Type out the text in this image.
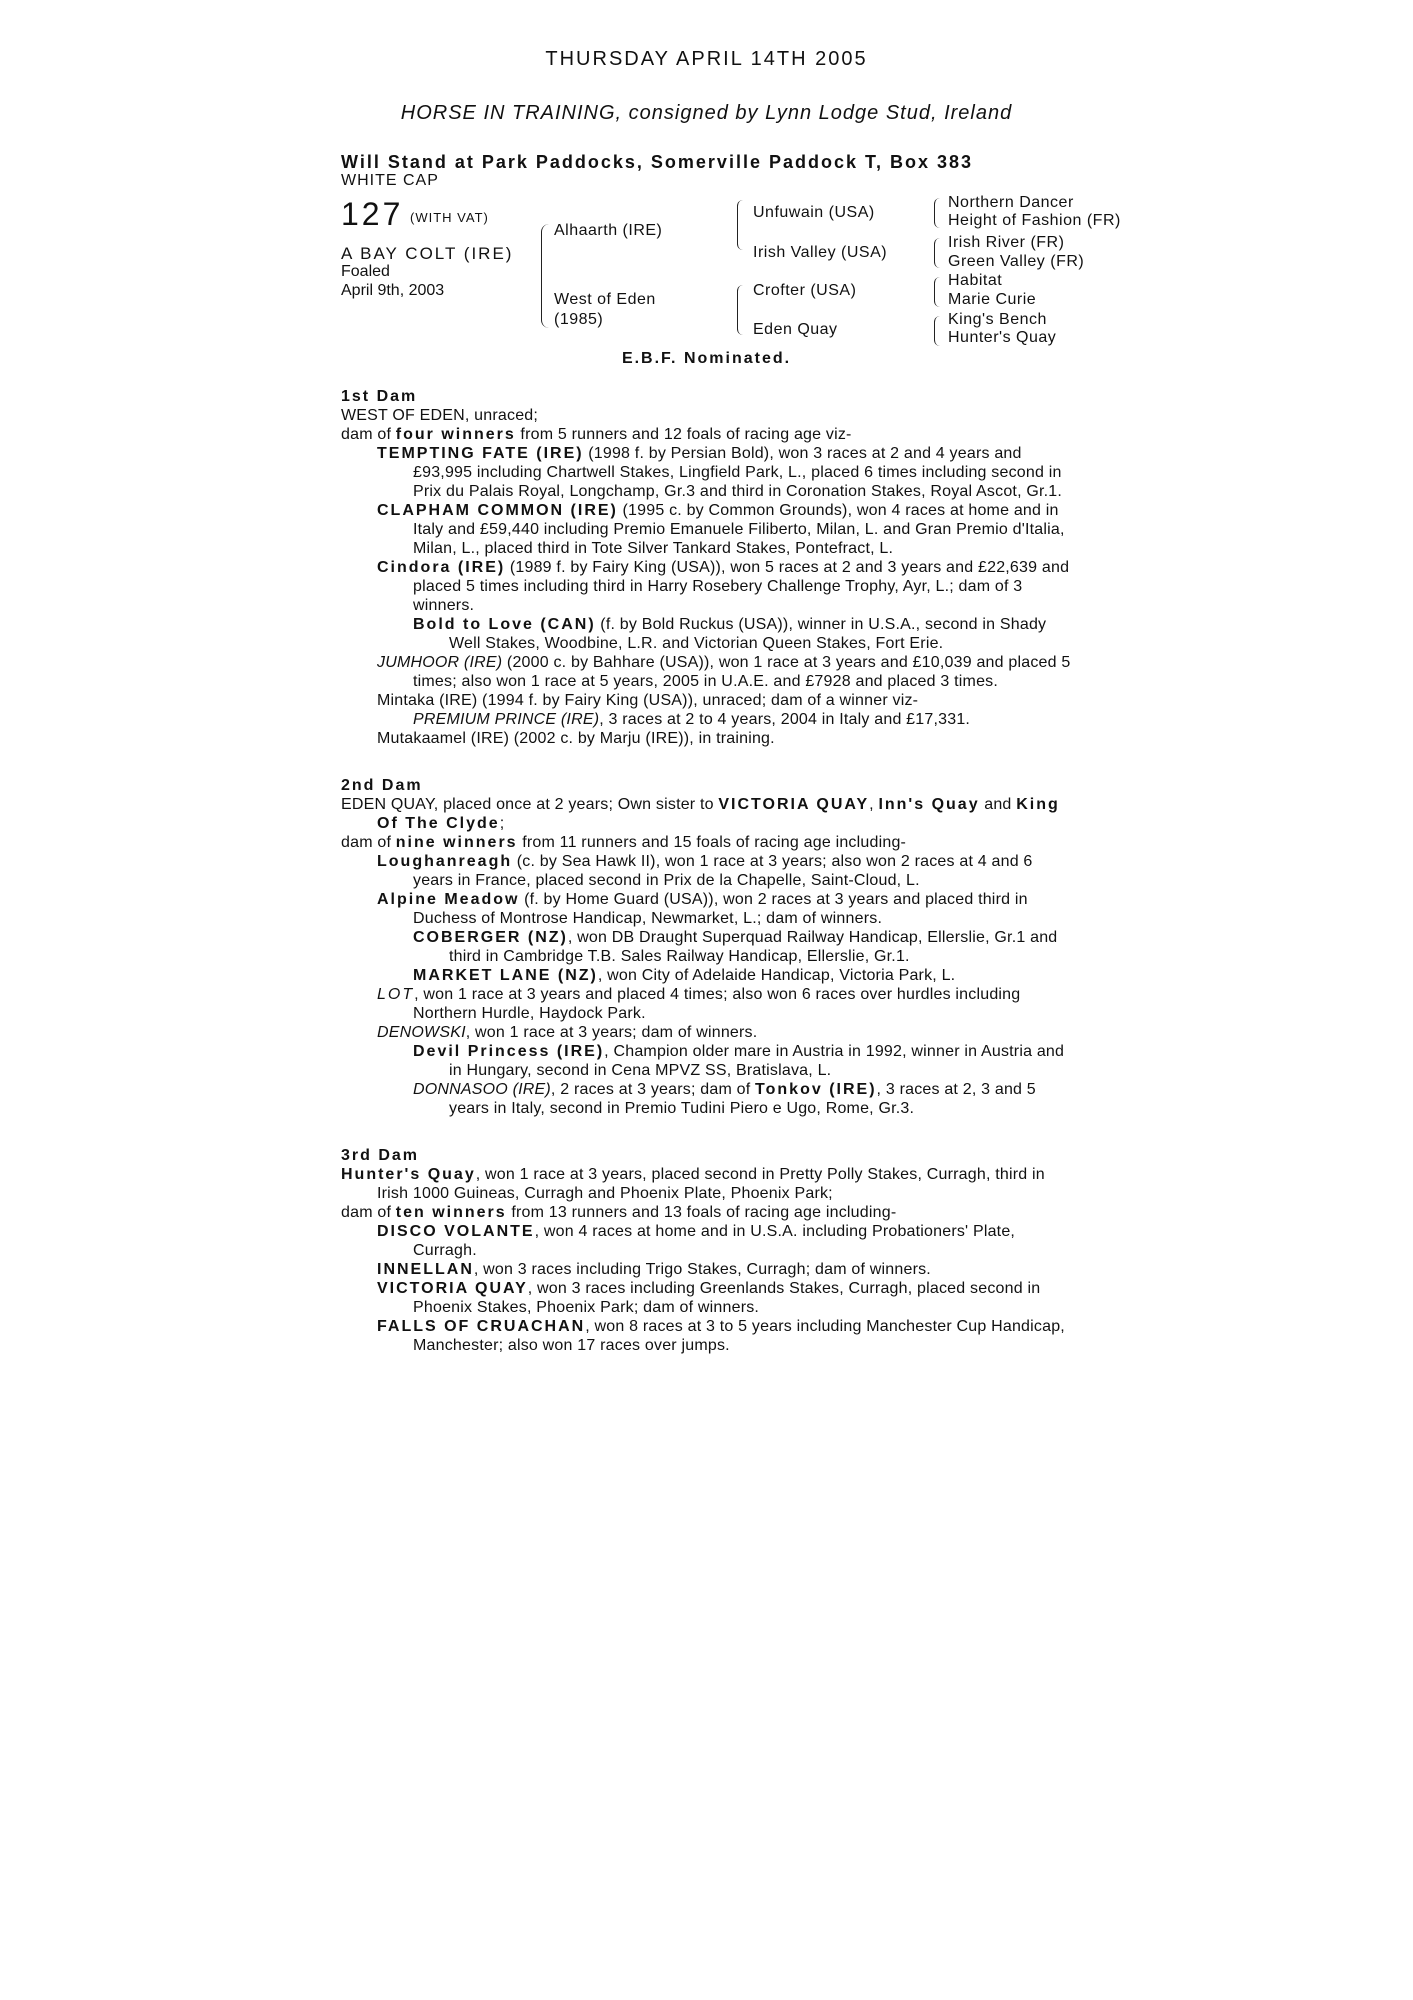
THURSDAY APRIL 14TH 2005
HORSE IN TRAINING, consigned by Lynn Lodge Stud, Ireland
Will Stand at Park Paddocks, Somerville Paddock T, Box 383
WHITE CAP
127 (WITH VAT)
A BAY COLT (IRE)
Foaled
April 9th, 2003
Alhaarth (IRE)
West of Eden
(1985)
Unfuwain (USA)
Irish Valley (USA)
Crofter (USA)
Eden Quay
Northern Dancer
Height of Fashion (FR)
Irish River (FR)
Green Valley (FR)
Habitat
Marie Curie
King's Bench
Hunter's Quay
E.B.F. Nominated.
1st Dam
WEST OF EDEN, unraced;
dam of four winners from 5 runners and 12 foals of racing age viz-
TEMPTING FATE (IRE) (1998 f. by Persian Bold), won 3 races at 2 and 4 years and £93,995 including Chartwell Stakes, Lingfield Park, L., placed 6 times including second in Prix du Palais Royal, Longchamp, Gr.3 and third in Coronation Stakes, Royal Ascot, Gr.1.
CLAPHAM COMMON (IRE) (1995 c. by Common Grounds), won 4 races at home and in Italy and £59,440 including Premio Emanuele Filiberto, Milan, L. and Gran Premio d'Italia, Milan, L., placed third in Tote Silver Tankard Stakes, Pontefract, L.
Cindora (IRE) (1989 f. by Fairy King (USA)), won 5 races at 2 and 3 years and £22,639 and placed 5 times including third in Harry Rosebery Challenge Trophy, Ayr, L.; dam of 3 winners.
Bold to Love (CAN) (f. by Bold Ruckus (USA)), winner in U.S.A., second in Shady Well Stakes, Woodbine, L.R. and Victorian Queen Stakes, Fort Erie.
JUMHOOR (IRE) (2000 c. by Bahhare (USA)), won 1 race at 3 years and £10,039 and placed 5 times; also won 1 race at 5 years, 2005 in U.A.E. and £7928 and placed 3 times.
Mintaka (IRE) (1994 f. by Fairy King (USA)), unraced; dam of a winner viz-
PREMIUM PRINCE (IRE), 3 races at 2 to 4 years, 2004 in Italy and £17,331.
Mutakaamel (IRE) (2002 c. by Marju (IRE)), in training.
2nd Dam
EDEN QUAY, placed once at 2 years; Own sister to VICTORIA QUAY, Inn's Quay and King Of The Clyde;
dam of nine winners from 11 runners and 15 foals of racing age including-
Loughanreagh (c. by Sea Hawk II), won 1 race at 3 years; also won 2 races at 4 and 6 years in France, placed second in Prix de la Chapelle, Saint-Cloud, L.
Alpine Meadow (f. by Home Guard (USA)), won 2 races at 3 years and placed third in Duchess of Montrose Handicap, Newmarket, L.; dam of winners.
COBERGER (NZ), won DB Draught Superquad Railway Handicap, Ellerslie, Gr.1 and third in Cambridge T.B. Sales Railway Handicap, Ellerslie, Gr.1.
MARKET LANE (NZ), won City of Adelaide Handicap, Victoria Park, L.
LOT, won 1 race at 3 years and placed 4 times; also won 6 races over hurdles including Northern Hurdle, Haydock Park.
DENOWSKI, won 1 race at 3 years; dam of winners.
Devil Princess (IRE), Champion older mare in Austria in 1992, winner in Austria and in Hungary, second in Cena MPVZ SS, Bratislava, L.
DONNASOO (IRE), 2 races at 3 years; dam of Tonkov (IRE), 3 races at 2, 3 and 5 years in Italy, second in Premio Tudini Piero e Ugo, Rome, Gr.3.
3rd Dam
Hunter's Quay, won 1 race at 3 years, placed second in Pretty Polly Stakes, Curragh, third in Irish 1000 Guineas, Curragh and Phoenix Plate, Phoenix Park;
dam of ten winners from 13 runners and 13 foals of racing age including-
DISCO VOLANTE, won 4 races at home and in U.S.A. including Probationers' Plate, Curragh.
INNELLAN, won 3 races including Trigo Stakes, Curragh; dam of winners.
VICTORIA QUAY, won 3 races including Greenlands Stakes, Curragh, placed second in Phoenix Stakes, Phoenix Park; dam of winners.
FALLS OF CRUACHAN, won 8 races at 3 to 5 years including Manchester Cup Handicap, Manchester; also won 17 races over jumps.
